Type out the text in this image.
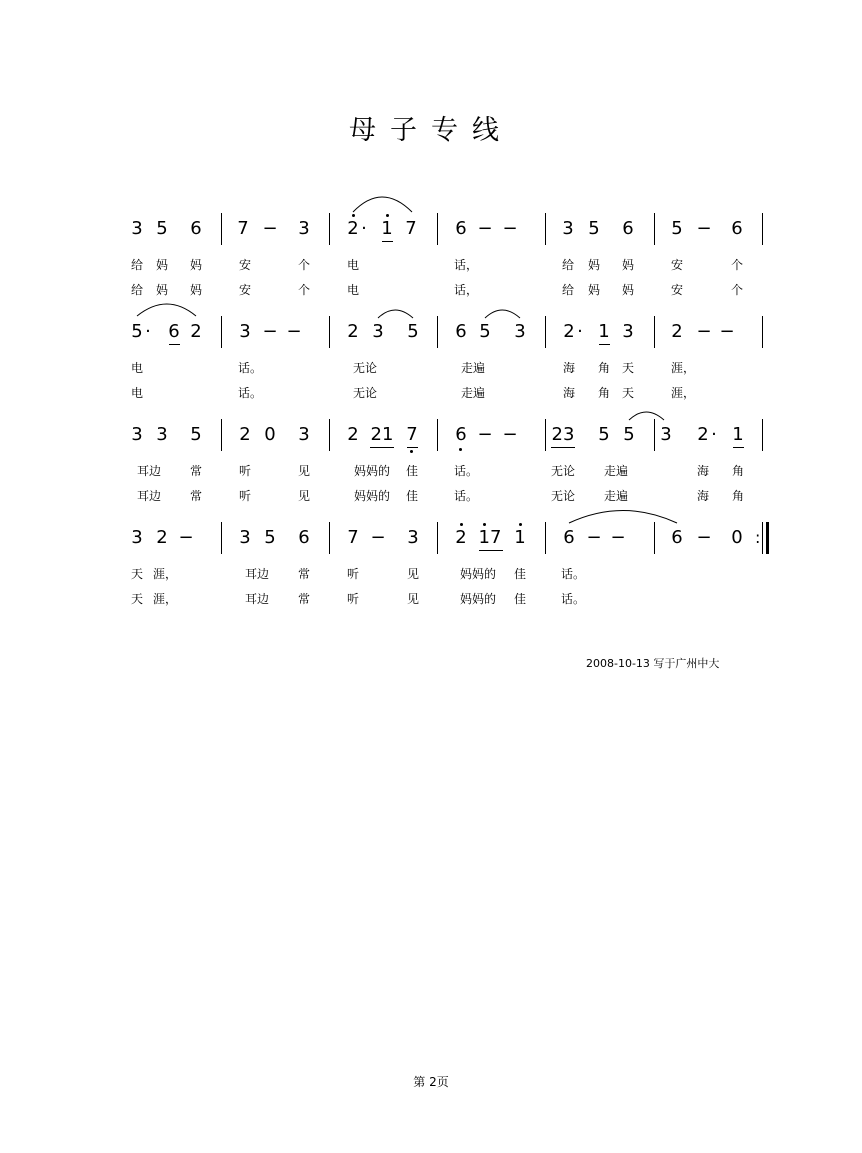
母子专线
3 5 6 7 − 3 2 · 1 7 6 − − 3 5 6 5 − 6
给 妈 妈	安	个	电	话，	给 妈 妈	安	个
给 妈 妈	安	个	电	话，	给 妈 妈	安	个
5 · 6 2 3 − −	2 3 5 6 5 3 2 · 1 3 2 − −
电	话。	无论	走遍	海 角 天	涯，
电	话。	无论	走遍	海 角 天	涯，
3 3 5 2 0 3 2 21 7 6 − − 23 5 5 3 2 · 1
耳边 常	听	见	妈妈的 佳	话。	无论 走遍	海 角
耳边 常	听	见	妈妈的 佳	话。	无论 走遍	海 角
3 2 −	3 5 6 7 − 3 2 17 1 6 − −	6 − 0 :
天 涯，	耳边 常	听	见	妈妈的 佳	话。
天 涯，	耳边 常	听	见	妈妈的 佳	话。
2008-10-13 写于广州中大
第 2页
